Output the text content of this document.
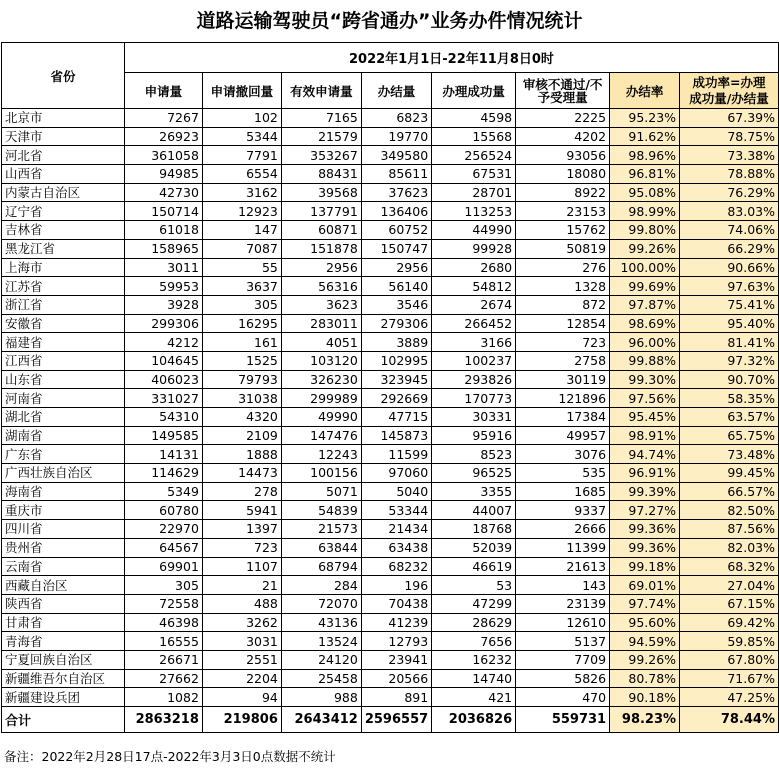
道路运输驾驶员“跨省通办”业务办件情况统计
省份	2022年1月1日-22年11月8日0时							
	申请量	申请撤回量	有效申请量	办结量	办理成功量	审核不通过/不
予受理量	办结率	成功率=办理
成功量/办结量
北京市	7267	102	7165	6823	4598	2225	95.23%	67.39%
天津市	26923	5344	21579	19770	15568	4202	91.62%	78.75%
河北省	361058	7791	353267	349580	256524	93056	98.96%	73.38%
山西省	94985	6554	88431	85611	67531	18080	96.81%	78.88%
内蒙古自治区	42730	3162	39568	37623	28701	8922	95.08%	76.29%
辽宁省	150714	12923	137791	136406	113253	23153	98.99%	83.03%
吉林省	61018	147	60871	60752	44990	15762	99.80%	74.06%
黑龙江省	158965	7087	151878	150747	99928	50819	99.26%	66.29%
上海市	3011	55	2956	2956	2680	276	100.00%	90.66%
江苏省	59953	3637	56316	56140	54812	1328	99.69%	97.63%
浙江省	3928	305	3623	3546	2674	872	97.87%	75.41%
安徽省	299306	16295	283011	279306	266452	12854	98.69%	95.40%
福建省	4212	161	4051	3889	3166	723	96.00%	81.41%
江西省	104645	1525	103120	102995	100237	2758	99.88%	97.32%
山东省	406023	79793	326230	323945	293826	30119	99.30%	90.70%
河南省	331027	31038	299989	292669	170773	121896	97.56%	58.35%
湖北省	54310	4320	49990	47715	30331	17384	95.45%	63.57%
湖南省	149585	2109	147476	145873	95916	49957	98.91%	65.75%
广东省	14131	1888	12243	11599	8523	3076	94.74%	73.48%
广西壮族自治区	114629	14473	100156	97060	96525	535	96.91%	99.45%
海南省	5349	278	5071	5040	3355	1685	99.39%	66.57%
重庆市	60780	5941	54839	53344	44007	9337	97.27%	82.50%
四川省	22970	1397	21573	21434	18768	2666	99.36%	87.56%
贵州省	64567	723	63844	63438	52039	11399	99.36%	82.03%
云南省	69901	1107	68794	68232	46619	21613	99.18%	68.32%
西藏自治区	305	21	284	196	53	143	69.01%	27.04%
陕西省	72558	488	72070	70438	47299	23139	97.74%	67.15%
甘肃省	46398	3262	43136	41239	28629	12610	95.60%	69.42%
青海省	16555	3031	13524	12793	7656	5137	94.59%	59.85%
宁夏回族自治区	26671	2551	24120	23941	16232	7709	99.26%	67.80%
新疆维吾尔自治区	27662	2204	25458	20566	14740	5826	80.78%	71.67%
新疆建设兵团	1082	94	988	891	421	470	90.18%	47.25%
合计	2863218	219806	2643412	2596557	2036826	559731	98.23%	78.44%
备注：2022年2月28日17点-2022年3月3日0点数据不统计
